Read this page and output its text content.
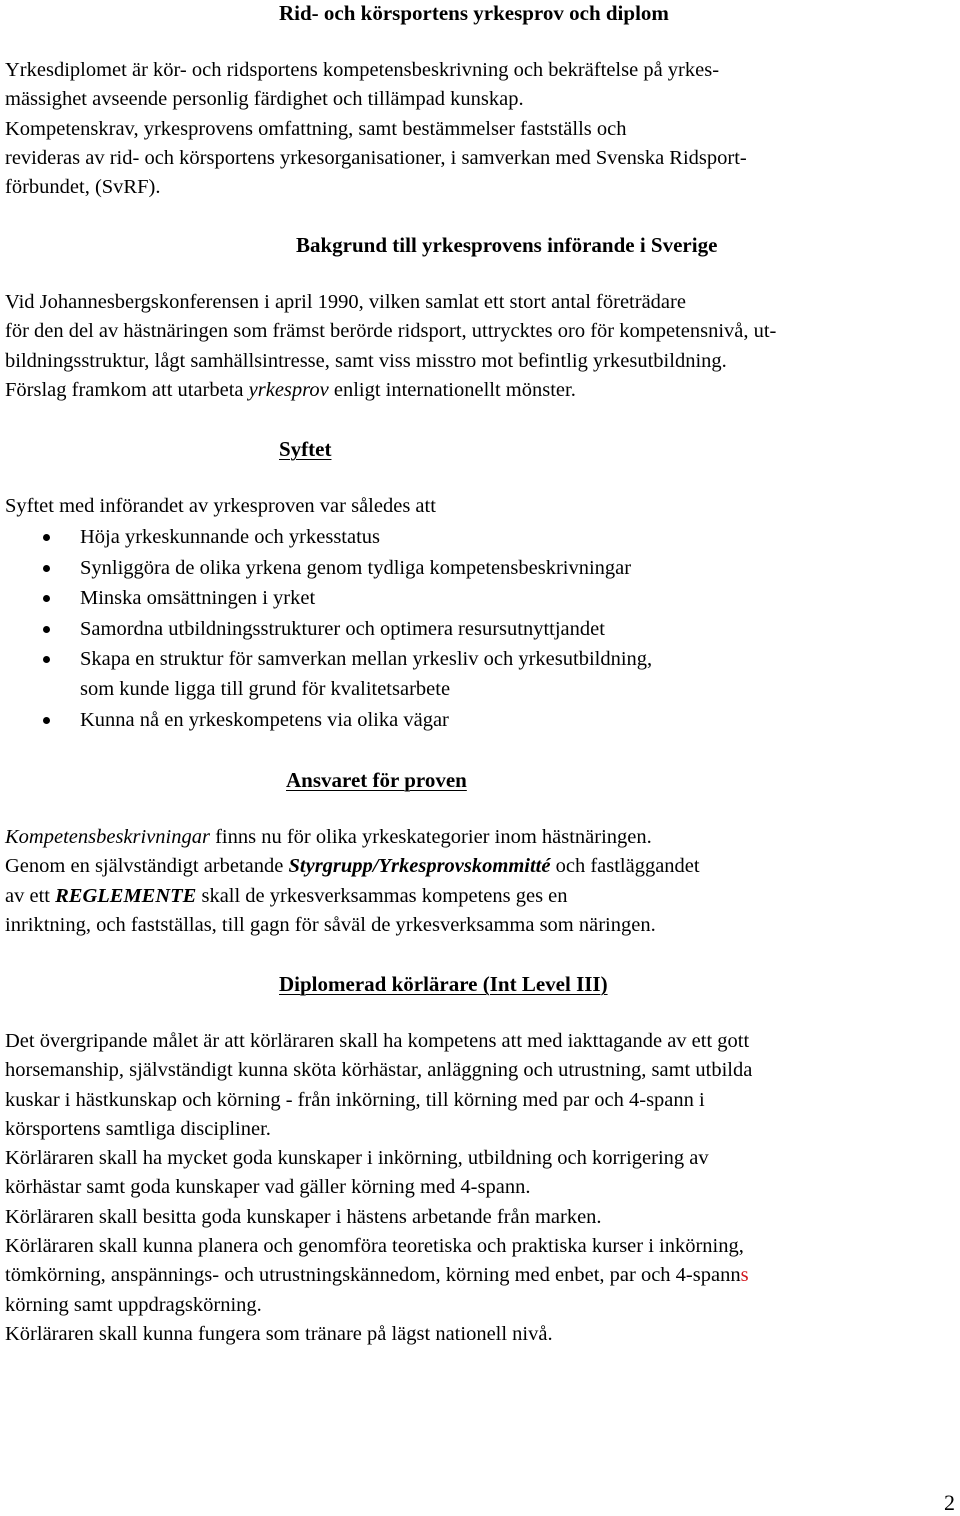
Rid- och körsportens yrkesprov och diplom
Yrkesdiplomet är kör- och ridsportens kompetensbeskrivning och bekräftelse på yrkes-
mässighet avseende personlig färdighet och tillämpad kunskap.
Kompetenskrav, yrkesprovens omfattning, samt bestämmelser fastställs och
revideras av rid- och körsportens yrkesorganisationer, i samverkan med Svenska Ridsport-
förbundet, (SvRF).
Bakgrund till yrkesprovens införande i Sverige
Vid Johannesbergskonferensen i april 1990, vilken samlat ett stort antal företrädare
för den del av hästnäringen som främst berörde ridsport, uttrycktes oro för kompetensnivå, ut-
bildningsstruktur, lågt samhällsintresse, samt viss misstro mot befintlig yrkesutbildning.
Förslag framkom att utarbeta yrkesprov enligt internationellt mönster.
Syftet
Syftet med införandet av yrkesproven var således att
Höja yrkeskunnande och yrkesstatus
Synliggöra de olika yrkena genom tydliga kompetensbeskrivningar
Minska omsättningen i yrket
Samordna utbildningsstrukturer och optimera resursutnyttjandet
Skapa en struktur för samverkan mellan yrkesliv och yrkesutbildning,
som kunde ligga till grund för kvalitetsarbete
Kunna nå en yrkeskompetens via olika vägar
Ansvaret för proven
Kompetensbeskrivningar finns nu för olika yrkeskategorier inom hästnäringen.
Genom en självständigt arbetande Styrgrupp/Yrkesprovskommitté och fastläggandet
av ett REGLEMENTE skall de yrkesverksammas kompetens ges en
inriktning, och fastställas, till gagn för såväl de yrkesverksamma som näringen.
Diplomerad körlärare (Int Level III)
Det övergripande målet är att körläraren skall ha kompetens att med iakttagande av ett gott
horsemanship, självständigt kunna sköta körhästar, anläggning och utrustning, samt utbilda
kuskar i hästkunskap och körning - från inkörning, till körning med par och 4-spann i
körsportens samtliga discipliner.
Körläraren skall ha mycket goda kunskaper i inkörning, utbildning och korrigering av
körhästar samt goda kunskaper vad gäller körning med 4-spann.
Körläraren skall besitta goda kunskaper i hästens arbetande från marken.
Körläraren skall kunna planera och genomföra teoretiska och praktiska kurser i inkörning,
tömkörning, anspännings- och utrustningskännedom, körning med enbet, par och 4-spanns
körning samt uppdragskörning.
Körläraren skall kunna fungera som tränare på lägst nationell nivå.
2
